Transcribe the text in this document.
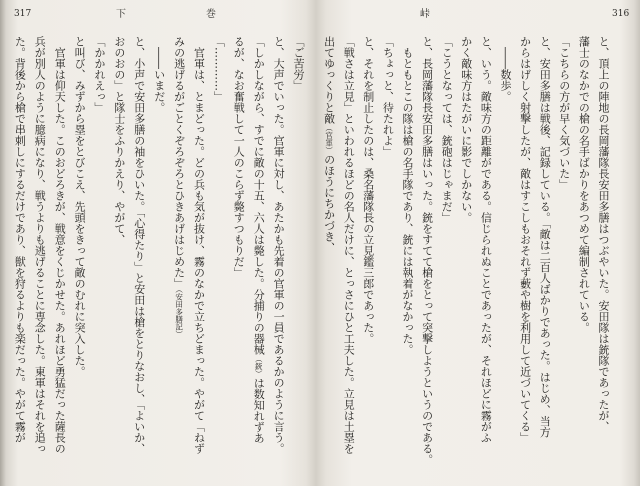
317	下	巻
「ご苦労」
と、大声でいった。官軍に対し、あたかも先着の官軍の一員であるかのように言う。
「しかしながら、すでに敵の十五、六人は斃した。分捕りの器械（銃）は数知れずあ
るが、なお奮戦して一人のこらず斃すつもりだ」
「…………」
官軍は、とまどった。どの兵も気が抜け、霧のなかで立ちどまった。やがて「ねず
みの逃げるがごとくぞろぞろとひきあげはじめた」（安田多膳記）
――いまだ。
と、小声で安田多膳の袖をひいた。「心得たり」と安田は槍をとりなおし、「よいか、
おのおの」と隊士をふりかえり、やがて、
「かかれえっ」
と叫び、みずから塁をとびこえ、先頭をきって敵のむれに突入した。
官軍は仰天した。このおどろきが、戦意をくじかせた。あれほど勇猛だった薩長の
兵が別人のように臆病になり、戦うよりも逃げることに専念した。東軍はそれを追っ
た。背後から槍で串刺しにするだけであり、獣を狩るよりも楽だった。やがて霧が
峠	316
と、頂上の陣地の長岡藩隊長安田多膳はつぶやいた。安田隊は銃隊であったが、
藩士のなかでの槍の名手ばかりをあつめて編制されている。
「こちらの方が早く気づいた」
と、安田多膳は戦後、記録している。「敵は二百人ばかりであった。はじめ、当方
からはげしく射撃したが、敵はすこしもおそれず藪や樹を利用して近づいてくる」
――数歩。
と、いう。敵味方の距離がである。信じられぬことであったが、それほどに霧がふ
かく敵味方はたがいに影でしかない。
「こうとなっては、銃砲はじゃまだ」
と、長岡藩隊長安田多膳はいった。銃をすてて槍をとって突撃しようというのである。
もともとこの隊は槍の名手隊であり、銃には執着がなかった。
「ちょっと、待たれよ」
と、それを制止したのは、桑名藩隊長の立見鑑三郎であった。
「戦さは立見」といわれるほどの名人だけに、とっさにひと工夫した。立見は土塁を
出てゆっくりと敵（官軍）のほうにちかづき、
